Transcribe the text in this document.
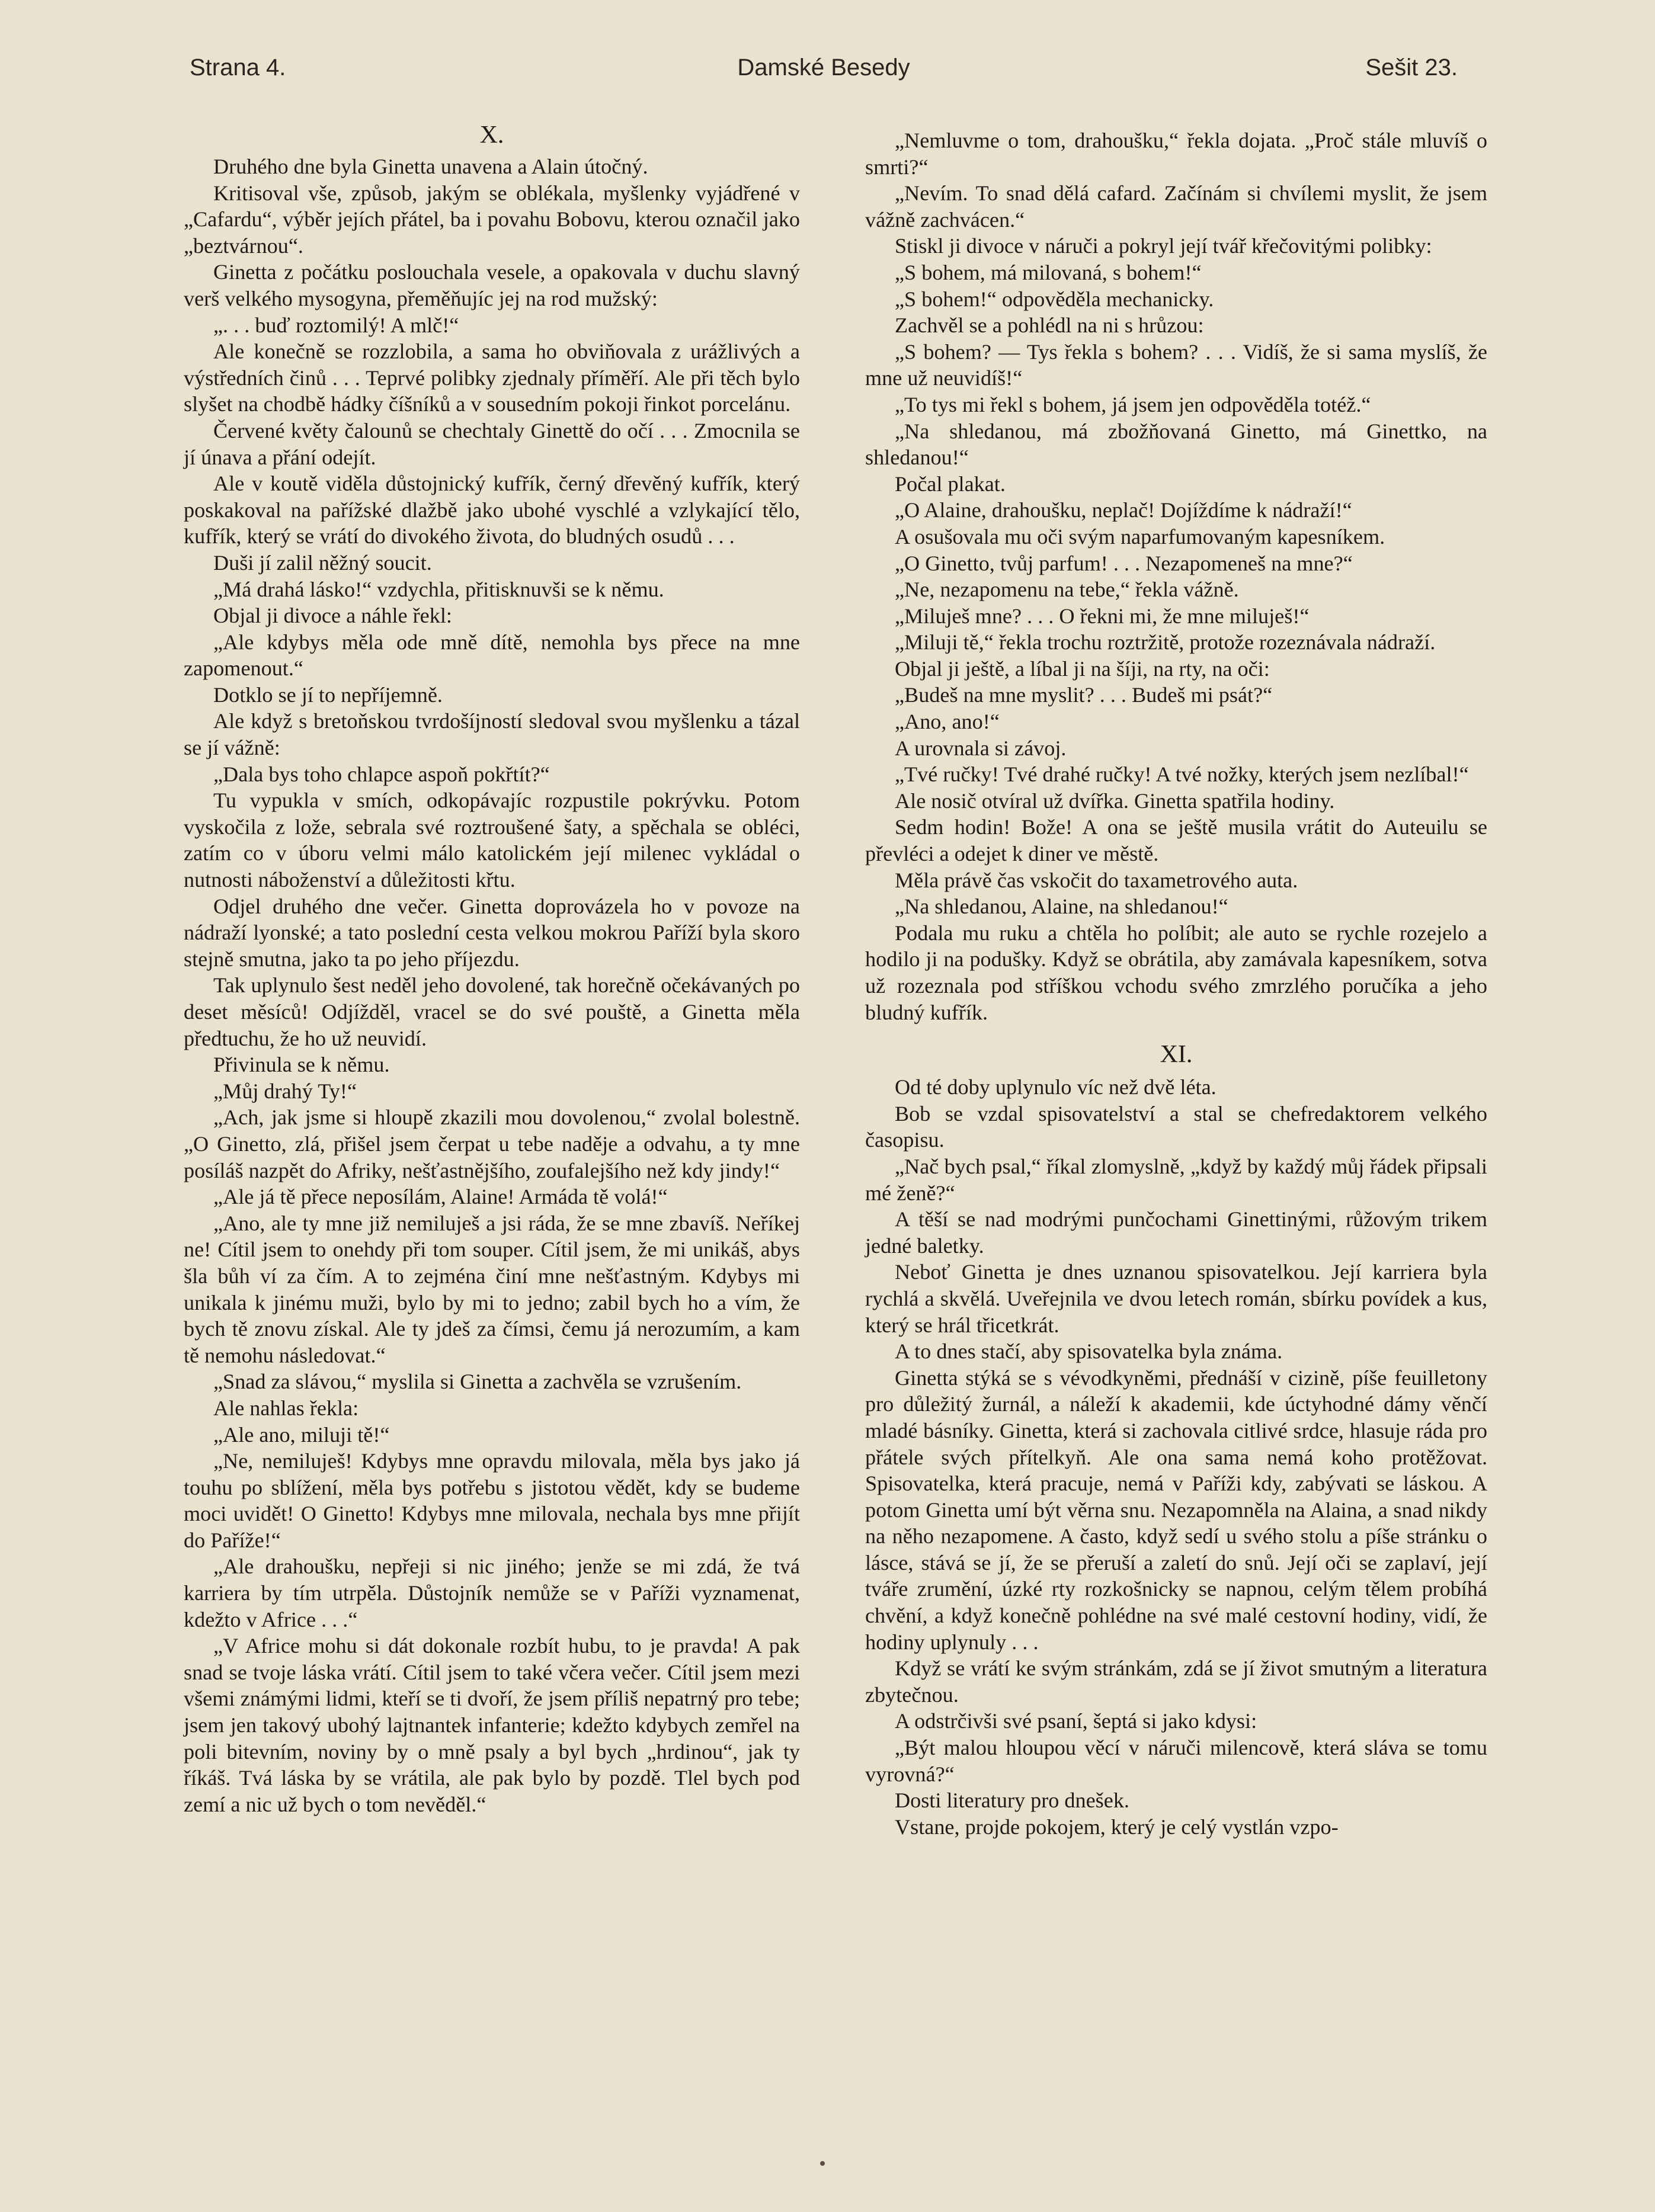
Strana 4.	Damské Besedy	Sešit 23.
X.

Druhého dne byla Ginetta unavena a Alain útočný.

Kritisoval vše, způsob, jakým se oblékala, myšlenky vyjádřené v „Cafardu“, výběr jejích přátel, ba i povahu Bobovu, kterou označil jako „beztvárnou“.

Ginetta z počátku poslouchala vesele, a opakovala v duchu slavný verš velkého mysogyna, přeměňujíc jej na rod mužský:

„. . . buď roztomilý! A mlč!“

Ale konečně se rozzlobila, a sama ho obviňovala z urážlivých a výstředních činů . . . Teprvé polibky zjednaly příměří. Ale při těch bylo slyšet na chodbě hádky číšníků a v sousedním pokoji řinkot porcelánu.

Červené květy čalounů se chechtaly Ginettě do očí . . . Zmocnila se jí únava a přání odejít.

Ale v koutě viděla důstojnický kufřík, černý dřevěný kufřík, který poskakoval na pařížské dlažbě jako ubohé vyschlé a vzlykající tělo, kufřík, který se vrátí do divokého života, do bludných osudů . . .

Duši jí zalil něžný soucit.

„Má drahá lásko!“ vzdychla, přitisknuvši se k němu.

Objal ji divoce a náhle řekl:

„Ale kdybys měla ode mně dítě, nemohla bys přece na mne zapomenout.“

Dotklo se jí to nepříjemně.

Ale když s bretoňskou tvrdošíjností sledoval svou myšlenku a tázal se jí vážně:

„Dala bys toho chlapce aspoň pokřtít?“

Tu vypukla v smích, odkopávajíc rozpustile pokrývku. Potom vyskočila z lože, sebrala své roztroušené šaty, a spěchala se obléci, zatím co v úboru velmi málo katolickém její milenec vykládal o nutnosti náboženství a důležitosti křtu.

Odjel druhého dne večer. Ginetta doprovázela ho v povoze na nádraží lyonské; a tato poslední cesta velkou mokrou Paříží byla skoro stejně smutna, jako ta po jeho příjezdu.

Tak uplynulo šest neděl jeho dovolené, tak horečně očekávaných po deset měsíců! Odjížděl, vracel se do své pouště, a Ginetta měla předtuchu, že ho už neuvidí.

Přivinula se k němu.

„Můj drahý Ty!“

„Ach, jak jsme si hloupě zkazili mou dovolenou,“ zvolal bolestně. „O Ginetto, zlá, přišel jsem čerpat u tebe naděje a odvahu, a ty mne posíláš nazpět do Afriky, nešťastnějšího, zoufalejšího než kdy jindy!“

„Ale já tě přece neposílám, Alaine! Armáda tě volá!“

„Ano, ale ty mne již nemiluješ a jsi ráda, že se mne zbavíš. Neříkej ne! Cítil jsem to onehdy při tom souper. Cítil jsem, že mi unikáš, abys šla bůh ví za čím. A to zejména činí mne nešťastným. Kdybys mi unikala k jinému muži, bylo by mi to jedno; zabil bych ho a vím, že bych tě znovu získal. Ale ty jdeš za čímsi, čemu já nerozumím, a kam tě nemohu následovat.“

„Snad za slávou,“ myslila si Ginetta a zachvěla se vzrušením.

Ale nahlas řekla:

„Ale ano, miluji tě!“

„Ne, nemiluješ! Kdybys mne opravdu milovala, měla bys jako já touhu po sblížení, měla bys potřebu s jistotou vědět, kdy se budeme moci uvidět! O Ginetto! Kdybys mne milovala, nechala bys mne přijít do Paříže!“

„Ale drahoušku, nepřeji si nic jiného; jenže se mi zdá, že tvá karriera by tím utrpěla. Důstojník nemůže se v Paříži vyznamenat, kdežto v Africe . . .“

„V Africe mohu si dát dokonale rozbít hubu, to je pravda! A pak snad se tvoje láska vrátí. Cítil jsem to také včera večer. Cítil jsem mezi všemi známými lidmi, kteří se ti dvoří, že jsem příliš nepatrný pro tebe; jsem jen takový ubohý lajtnantek infanterie; kdežto kdybych zemřel na poli bitevním, noviny by o mně psaly a byl bych „hrdinou“, jak ty říkáš. Tvá láska by se vrátila, ale pak bylo by pozdě. Tlel bych pod zemí a nic už bych o tom nevěděl.“

„Nemluvme o tom, drahoušku,“ řekla dojata. „Proč stále mluvíš o smrti?“

„Nevím. To snad dělá cafard. Začínám si chvílemi myslit, že jsem vážně zachvácen.“

Stiskl ji divoce v náruči a pokryl její tvář křečovitými polibky:

„S bohem, má milovaná, s bohem!“

„S bohem!“ odpověděla mechanicky.

Zachvěl se a pohlédl na ni s hrůzou:

„S bohem? — Tys řekla s bohem? . . . Vidíš, že si sama myslíš, že mne už neuvidíš!“

„To tys mi řekl s bohem, já jsem jen odpověděla totéž.“

„Na shledanou, má zbožňovaná Ginetto, má Ginettko, na shledanou!“

Počal plakat.

„O Alaine, drahoušku, neplač! Dojíždíme k nádraží!“

A osušovala mu oči svým naparfumovaným kapesníkem.

„O Ginetto, tvůj parfum! . . . Nezapomeneš na mne?“

„Ne, nezapomenu na tebe,“ řekla vážně.

„Miluješ mne? . . . O řekni mi, že mne miluješ!“

„Miluji tě,“ řekla trochu roztržitě, protože rozeznávala nádraží.

Objal ji ještě, a líbal ji na šíji, na rty, na oči:

„Budeš na mne myslit? . . . Budeš mi psát?“

„Ano, ano!“

A urovnala si závoj.

„Tvé ručky! Tvé drahé ručky! A tvé nožky, kterých jsem nezlíbal!“

Ale nosič otvíral už dvířka. Ginetta spatřila hodiny.

Sedm hodin! Bože! A ona se ještě musila vrátit do Auteuilu se převléci a odejet k diner ve městě.

Měla právě čas vskočit do taxametrového auta.

„Na shledanou, Alaine, na shledanou!“

Podala mu ruku a chtěla ho políbit; ale auto se rychle rozejelo a hodilo ji na podušky. Když se obrátila, aby zamávala kapesníkem, sotva už rozeznala pod stříškou vchodu svého zmrzlého poručíka a jeho bludný kufřík.

XI.

Od té doby uplynulo víc než dvě léta.

Bob se vzdal spisovatelství a stal se chefredaktorem velkého časopisu.

„Nač bych psal,“ říkal zlomyslně, „když by každý můj řádek připsali mé ženě?“

A těší se nad modrými punčochami Ginettinými, růžovým trikem jedné baletky.

Neboť Ginetta je dnes uznanou spisovatelkou. Její karriera byla rychlá a skvělá. Uveřejnila ve dvou letech román, sbírku povídek a kus, který se hrál třicetkrát.

A to dnes stačí, aby spisovatelka byla známa.

Ginetta stýká se s vévodkyněmi, přednáší v cizině, píše feuilletony pro důležitý žurnál, a náleží k akademii, kde úctyhodné dámy věnčí mladé básníky. Ginetta, která si zachovala citlivé srdce, hlasuje ráda pro přátele svých přítelkyň. Ale ona sama nemá koho protěžovat. Spisovatelka, která pracuje, nemá v Paříži kdy, zabývati se láskou. A potom Ginetta umí být věrna snu. Nezapomněla na Alaina, a snad nikdy na něho nezapomene. A často, když sedí u svého stolu a píše stránku o lásce, stává se jí, že se přeruší a zaletí do snů. Její oči se zaplaví, její tváře zrumění, úzké rty rozkošnicky se napnou, celým tělem probíhá chvění, a když konečně pohlédne na své malé cestovní hodiny, vidí, že hodiny uplynuly . . .

Když se vrátí ke svým stránkám, zdá se jí život smutným a literatura zbytečnou.

A odstrčivši své psaní, šeptá si jako kdysi:

„Být malou hloupou věcí v náruči milencově, která sláva se tomu vyrovná?“

Dosti literatury pro dnešek.

Vstane, projde pokojem, který je celý vystlán vzpo-
